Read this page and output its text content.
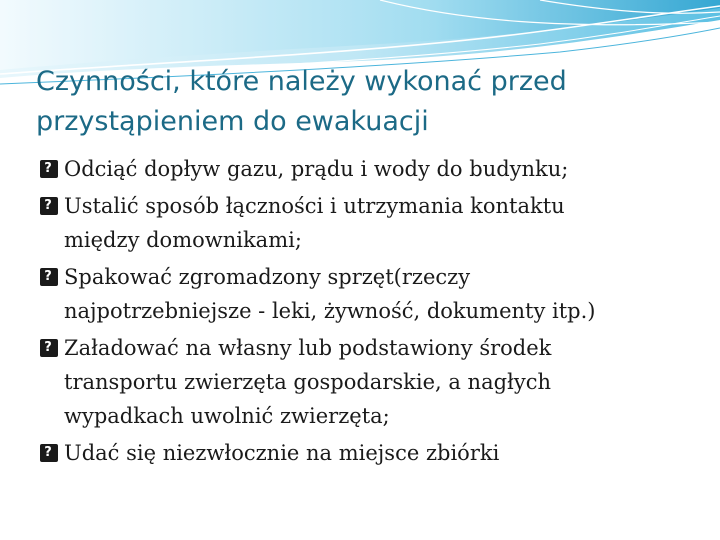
Czynności, które należy wykonać przed przystąpieniem do ewakuacji
?
Odciąć dopływ gazu, prądu i wody do budynku;
?
Ustalić sposób łączności i utrzymania kontaktu
między domownikami;
?
Spakować zgromadzony sprzęt(rzeczy
najpotrzebniejsze - leki, żywność, dokumenty itp.)
?
Załadować na własny lub podstawiony środek
transportu zwierzęta gospodarskie, a nagłych
wypadkach uwolnić zwierzęta;
?
Udać się niezwłocznie na miejsce zbiórki
